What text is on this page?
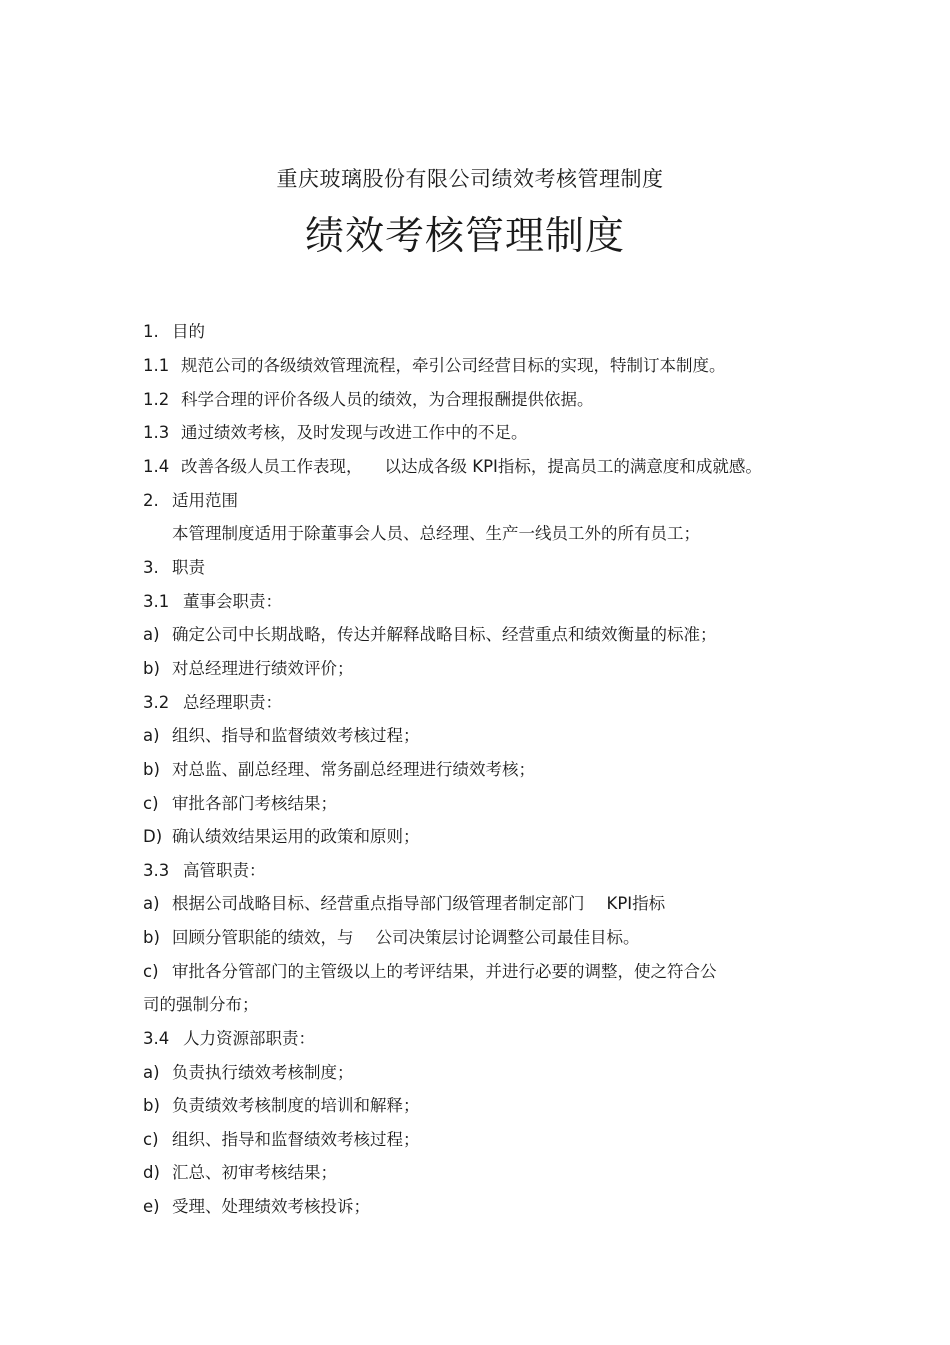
重庆玻璃股份有限公司绩效考核管理制度
绩效考核管理制度
1. 目的
1.1 规范公司的各级绩效管理流程，牵引公司经营目标的实现，特制订本制度。
1.2 科学合理的评价各级人员的绩效，为合理报酬提供依据。
1.3 通过绩效考核，及时发现与改进工作中的不足。
1.4 改善各级人员工作表现， 以达成各级 KPI指标，提高员工的满意度和成就感。
2. 适用范围
本管理制度适用于除董事会人员、总经理、生产一线员工外的所有员工；
3. 职责
3.1 董事会职责：
a) 确定公司中长期战略，传达并解释战略目标、经营重点和绩效衡量的标准；
b) 对总经理进行绩效评价；
3.2 总经理职责：
a) 组织、指导和监督绩效考核过程；
b) 对总监、副总经理、常务副总经理进行绩效考核；
c) 审批各部门考核结果；
D) 确认绩效结果运用的政策和原则；
3.3 高管职责：
a) 根据公司战略目标、经营重点指导部门级管理者制定部门 KPI指标
b) 回顾分管职能的绩效，与 公司决策层讨论调整公司最佳目标。
c) 审批各分管部门的主管级以上的考评结果，并进行必要的调整，使之符合公
司的强制分布；
3.4 人力资源部职责：
a) 负责执行绩效考核制度；
b) 负责绩效考核制度的培训和解释；
c) 组织、指导和监督绩效考核过程；
d) 汇总、初审考核结果；
e) 受理、处理绩效考核投诉；
